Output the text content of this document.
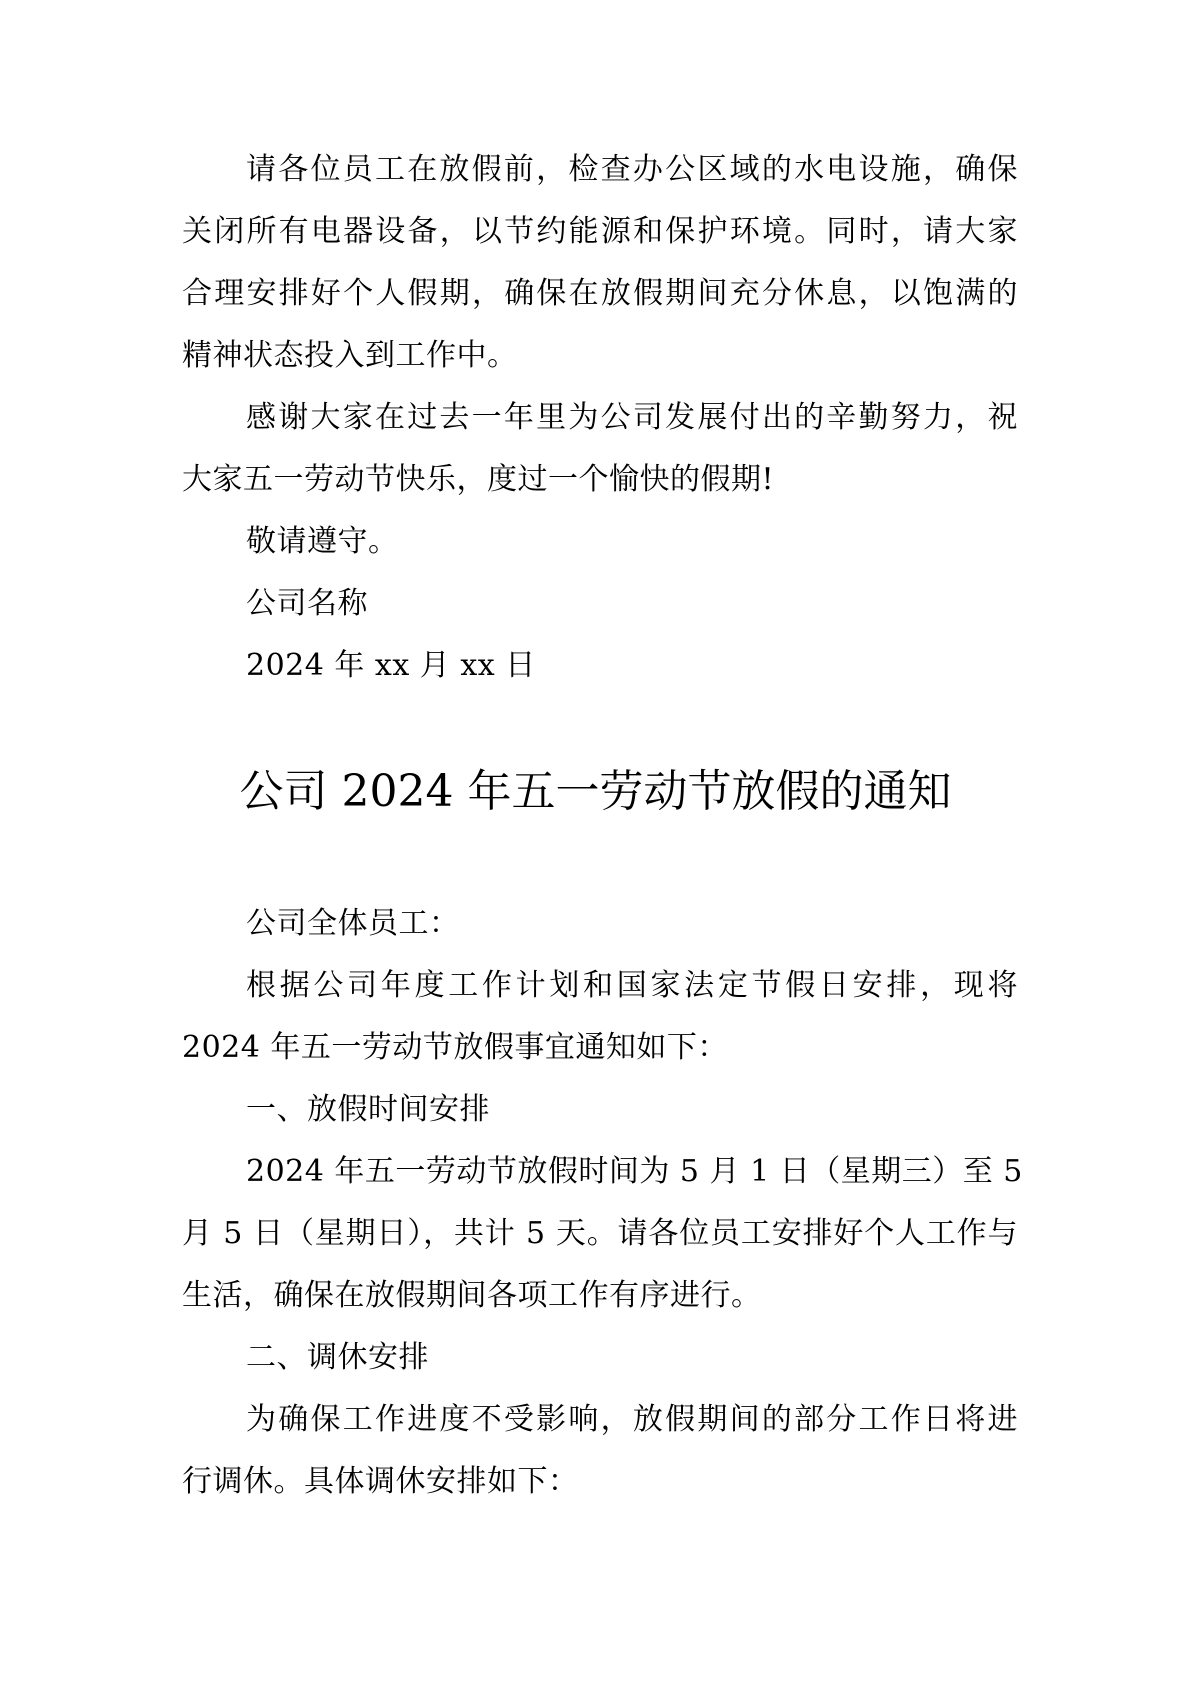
请各位员工在放假前，检查办公区域的水电设施，确保
关闭所有电器设备，以节约能源和保护环境。同时，请大家
合理安排好个人假期，确保在放假期间充分休息，以饱满的
精神状态投入到工作中。
感谢大家在过去一年里为公司发展付出的辛勤努力，祝
大家五一劳动节快乐，度过一个愉快的假期!
敬请遵守。
公司名称
2024 年 xx 月 xx 日
公司 2024 年五一劳动节放假的通知
公司全体员工：
根据公司年度工作计划和国家法定节假日安排，现将
2024 年五一劳动节放假事宜通知如下：
一、放假时间安排
2024 年五一劳动节放假时间为 5 月 1 日（星期三）至 5
月 5 日（星期日），共计 5 天。请各位员工安排好个人工作与
生活，确保在放假期间各项工作有序进行。
二、调休安排
为确保工作进度不受影响，放假期间的部分工作日将进
行调休。具体调休安排如下：
